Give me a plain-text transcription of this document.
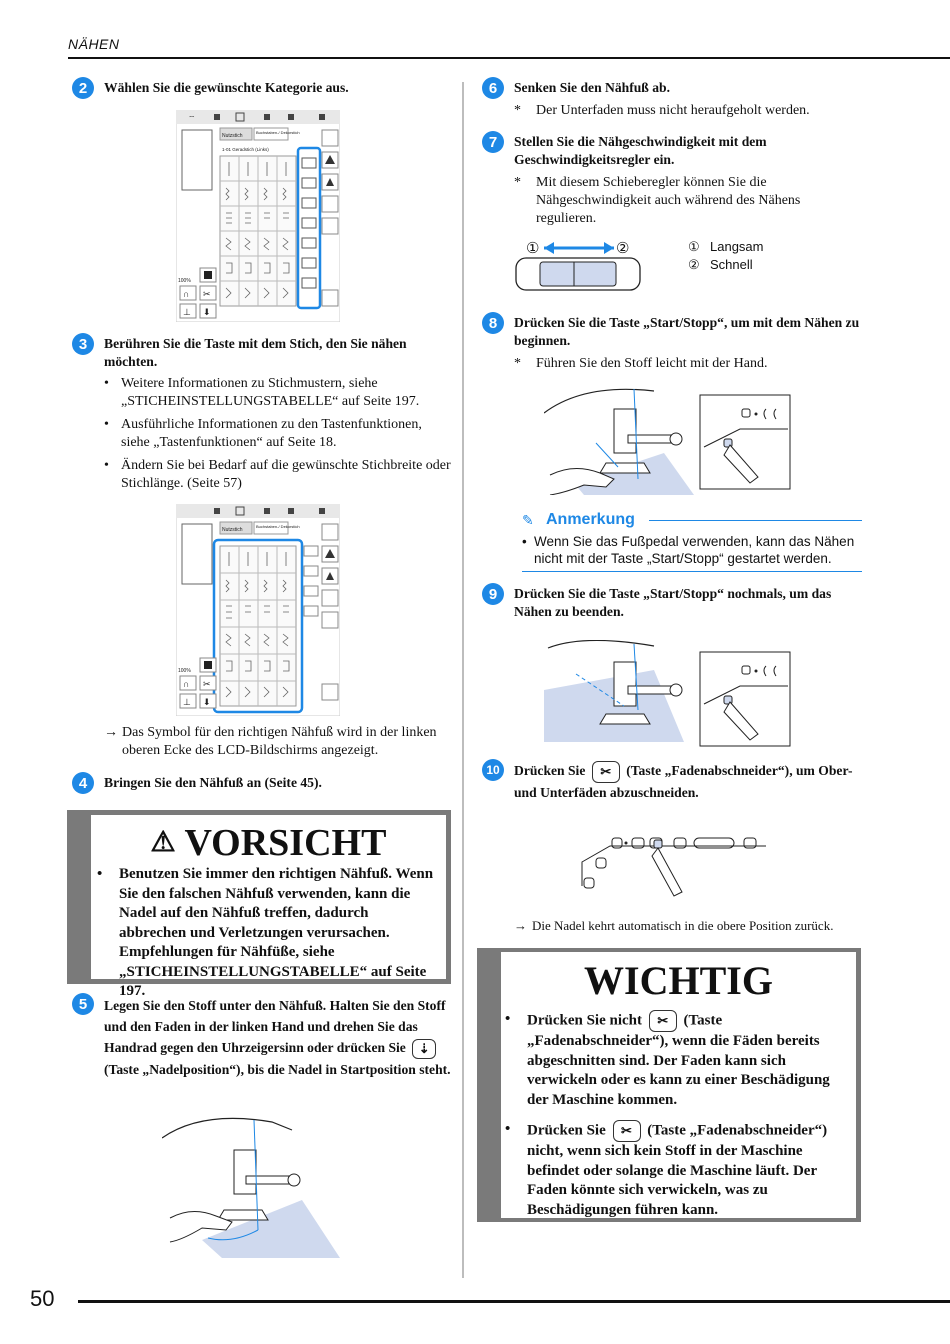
NÄHEN
2	Wählen Sie die gewünschte Kategorie aus.
⌔
Nutzstich
Buchstaben-/ Dekorstich
1-01 Geradstich (Links)
100%
∩ ✂
⊥ ⬇
3	Berühren Sie die Taste mit dem Stich, den Sie nähen möchten.
• Weitere Informationen zu Stichmustern, siehe „STICHEINSTELLUNGSTABELLE“ auf Seite 197.
• Ausführliche Informationen zu den Tastenfunktionen, siehe „Tastenfunktionen“ auf Seite 18.
• Ändern Sie bei Bedarf auf die gewünschte Stichbreite oder Stichlänge. (Seite 57)
Nutzstich
Buchstaben-/ Dekorstich
100%
∩ ✂
⊥ ⬇
→ Das Symbol für den richtigen Nähfuß wird in der linken oberen Ecke des LCD-Bildschirms angezeigt.
4	Bringen Sie den Nähfuß an (Seite 45).
⚠ VORSICHT
•	Benutzen Sie immer den richtigen Nähfuß. Wenn Sie den falschen Nähfuß verwenden, kann die Nadel auf den Nähfuß treffen, dadurch abbrechen und Verletzungen verursachen. Empfehlungen für Nähfüße, siehe „STICHEINSTELLUNGSTABELLE“ auf Seite 197.
5	Legen Sie den Stoff unter den Nähfuß. Halten Sie den Stoff und den Faden in der linken Hand und drehen Sie das Handrad gegen den Uhrzeigersinn oder drücken Sie ⇣ (Taste „Nadelposition“), bis die Nadel in Startposition steht.
6	Senken Sie den Nähfuß ab.
*	Der Unterfaden muss nicht heraufgeholt werden.
7	Stellen Sie die Nähgeschwindigkeit mit dem Geschwindigkeitsregler ein.
*	Mit diesem Schieberegler können Sie die Nähgeschwindigkeit auch während des Nähens regulieren.
①	②	① Langsam
② Schnell
8	Drücken Sie die Taste „Start/Stopp“, um mit dem Nähen zu beginnen.
*	Führen Sie den Stoff leicht mit der Hand.
✎ Anmerkung
• Wenn Sie das Fußpedal verwenden, kann das Nähen nicht mit der Taste „Start/Stopp“ gestartet werden.
9	Drücken Sie die Taste „Start/Stopp“ nochmals, um das Nähen zu beenden.
10	Drücken Sie ✂ (Taste „Fadenabschneider“), um Ober- und Unterfäden abzuschneiden.
→ Die Nadel kehrt automatisch in die obere Position zurück.
WICHTIG
•	Drücken Sie nicht ✂ (Taste „Fadenabschneider“), wenn die Fäden bereits abgeschnitten sind. Der Faden kann sich verwickeln oder es kann zu einer Beschädigung der Maschine kommen.
•	Drücken Sie ✂ (Taste „Fadenabschneider“) nicht, wenn sich kein Stoff in der Maschine befindet oder solange die Maschine läuft. Der Faden könnte sich verwickeln, was zu Beschädigungen führen kann.
50
